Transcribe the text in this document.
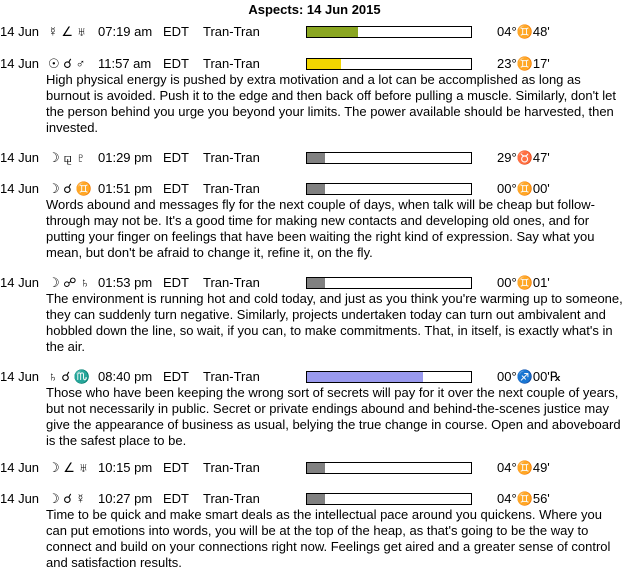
Aspects: 14 Jun 2015
14 Jun ☿ ∠ ♅ 07:19 am EDT Tran-Tran	04°♊48'
14 Jun ☉ ☌ ♂ 11:57 am EDT Tran-Tran	23°♊17'

High physical energy is pushed by extra motivation and a lot can be accomplished as long as burnout is avoided. Push it to the edge and then back off before pulling a muscle. Similarly, don't let the person behind you urge you beyond your limits. The power available should be harvested, then invested.

14 Jun ☽ ⚼ ♇ 01:29 pm EDT Tran-Tran	29°♉47'
14 Jun ☽ ☌ ♊ 01:51 pm EDT Tran-Tran	00°♊00'

Words abound and messages fly for the next couple of days, when talk will be cheap but follow-through may not be. It's a good time for making new contacts and developing old ones, and for putting your finger on feelings that have been waiting the right kind of expression. Say what you mean, but don't be afraid to change it, refine it, on the fly.

14 Jun ☽ ☍ ♄ 01:53 pm EDT Tran-Tran	00°♊01'

The environment is running hot and cold today, and just as you think you're warming up to someone, they can suddenly turn negative. Similarly, projects undertaken today can turn out ambivalent and hobbled down the line, so wait, if you can, to make commitments. That, in itself, is exactly what's in the air.

14 Jun ♄ ☌ ♏ 08:40 pm EDT Tran-Tran	00°♐00'℞

Those who have been keeping the wrong sort of secrets will pay for it over the next couple of years, but not necessarily in public. Secret or private endings abound and behind-the-scenes justice may give the appearance of business as usual, belying the true change in course. Open and aboveboard is the safest place to be.

14 Jun ☽ ∠ ♅ 10:15 pm EDT Tran-Tran	04°♊49'
14 Jun ☽ ☌ ☿ 10:27 pm EDT Tran-Tran	04°♊56'

Time to be quick and make smart deals as the intellectual pace around you quickens. Where you can put emotions into words, you will be at the top of the heap, as that's going to be the way to connect and build on your connections right now. Feelings get aired and a greater sense of control and satisfaction results.
